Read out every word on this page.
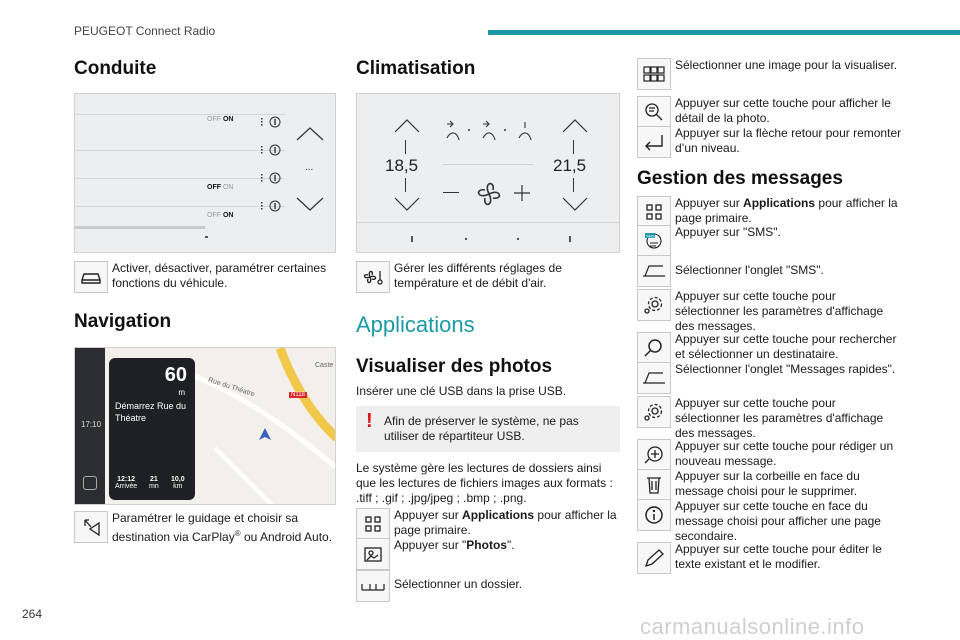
PEUGEOT Connect Radio
264	carmanualsonline.info
Conduite
OFF ON
OFF ON
OFF ON
...
Activer, désactiver, paramétrer certaines fonctions du véhicule.
Navigation
17:10
60
m
Démarrez Rue du Théatre
12:12
Arrivée
21
mn
10,0
km
Rue du Théatre	N118
Caste
Paramétrer le guidage et choisir sa destination via CarPlay® ou Android Auto.
Climatisation
18,5	21,5
Gérer les différents réglages de température et de débit d'air.
Applications
Visualiser des photos

Insérer une clé USB dans la prise USB.

! Afin de préserver le système, ne pas utiliser de répartiteur USB.

Le système gère les lectures de dossiers ainsi que les lectures de fichiers images aux formats : .tiff ; .gif ; .jpg/jpeg ; .bmp ; .png.

Appuyer sur Applications pour afficher la page primaire.
Appuyer sur "Photos".
Sélectionner un dossier.
Sélectionner une image pour la visualiser.
Appuyer sur cette touche pour afficher le détail de la photo.
Appuyer sur la flèche retour pour remonter d’un niveau.
Gestion des messages
Appuyer sur Applications pour afficher la page primaire.
SMS Appuyer sur "SMS".
Sélectionner l'onglet "SMS".
Appuyer sur cette touche pour sélectionner les paramètres d'affichage des messages.
Appuyer sur cette touche pour rechercher et sélectionner un destinataire.
Sélectionner l'onglet "Messages rapides".
Appuyer sur cette touche pour sélectionner les paramètres d'affichage des messages.
Appuyer sur cette touche pour rédiger un nouveau message.
Appuyer sur la corbeille en face du message choisi pour le supprimer.
Appuyer sur cette touche en face du message choisi pour afficher une page secondaire.
Appuyer sur cette touche pour éditer le texte existant et le modifier.
